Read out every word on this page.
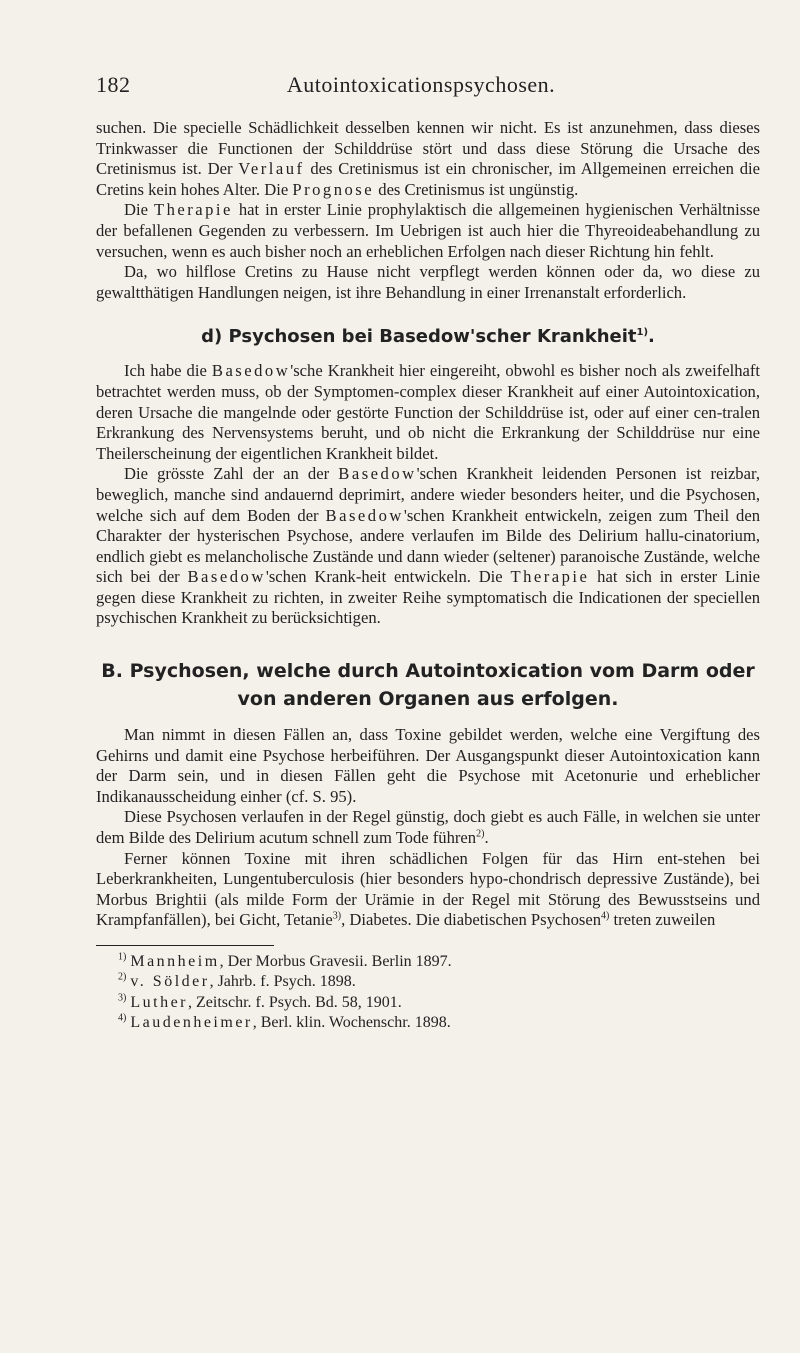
182	Autointoxicationspsychosen.

suchen. Die specielle Schädlichkeit desselben kennen wir nicht. Es ist anzunehmen, dass dieses Trinkwasser die Functionen der Schilddrüse stört und dass diese Störung die Ursache des Cretinismus ist. Der Verlauf des Cretinismus ist ein chronischer, im Allgemeinen erreichen die Cretins kein hohes Alter. Die Prognose des Cretinismus ist ungünstig.

Die Therapie hat in erster Linie prophylaktisch die allgemeinen hygienischen Verhältnisse der befallenen Gegenden zu verbessern. Im Uebrigen ist auch hier die Thyreoideabehandlung zu versuchen, wenn es auch bisher noch an erheblichen Erfolgen nach dieser Richtung hin fehlt.

Da, wo hilflose Cretins zu Hause nicht verpflegt werden können oder da, wo diese zu gewaltthätigen Handlungen neigen, ist ihre Behandlung in einer Irrenanstalt erforderlich.

d) Psychosen bei Basedow'scher Krankheit$^{1)}$.

Ich habe die Basedow'sche Krankheit hier eingereiht, obwohl es bisher noch als zweifelhaft betrachtet werden muss, ob der Symptomen-complex dieser Krankheit auf einer Autointoxication, deren Ursache die mangelnde oder gestörte Function der Schilddrüse ist, oder auf einer cen-tralen Erkrankung des Nervensystems beruht, und ob nicht die Erkrankung der Schilddrüse nur eine Theilerscheinung der eigentlichen Krankheit bildet.

Die grösste Zahl der an der Basedow'schen Krankheit leidenden Personen ist reizbar, beweglich, manche sind andauernd deprimirt, andere wieder besonders heiter, und die Psychosen, welche sich auf dem Boden der Basedow'schen Krankheit entwickeln, zeigen zum Theil den Charakter der hysterischen Psychose, andere verlaufen im Bilde des Delirium hallu-cinatorium, endlich giebt es melancholische Zustände und dann wieder (seltener) paranoische Zustände, welche sich bei der Basedow'schen Krank-heit entwickeln. Die Therapie hat sich in erster Linie gegen diese Krankheit zu richten, in zweiter Reihe symptomatisch die Indicationen der speciellen psychischen Krankheit zu berücksichtigen.

B. Psychosen, welche durch Autointoxication vom Darm oder von anderen Organen aus erfolgen.

Man nimmt in diesen Fällen an, dass Toxine gebildet werden, welche eine Vergiftung des Gehirns und damit eine Psychose herbeiführen. Der Ausgangspunkt dieser Autointoxication kann der Darm sein, und in diesen Fällen geht die Psychose mit Acetonurie und erheblicher Indikanausscheidung einher (cf. S. 95).

Diese Psychosen verlaufen in der Regel günstig, doch giebt es auch Fälle, in welchen sie unter dem Bilde des Delirium acutum schnell zum Tode führen$^{2)}$.

Ferner können Toxine mit ihren schädlichen Folgen für das Hirn ent-stehen bei Leberkrankheiten, Lungentuberculosis (hier besonders hypo-chondrisch depressive Zustände), bei Morbus Brightii (als milde Form der Urämie in der Regel mit Störung des Bewusstseins und Krampfanfällen), bei Gicht, Tetanie$^{3)}$, Diabetes. Die diabetischen Psychosen$^{4)}$ treten zuweilen

$^{1)}$ Mannheim, Der Morbus Gravesii. Berlin 1897.
$^{2)}$ v. Sölder, Jahrb. f. Psych. 1898.
$^{3)}$ Luther, Zeitschr. f. Psych. Bd. 58, 1901.
$^{4)}$ Laudenheimer, Berl. klin. Wochenschr. 1898.
